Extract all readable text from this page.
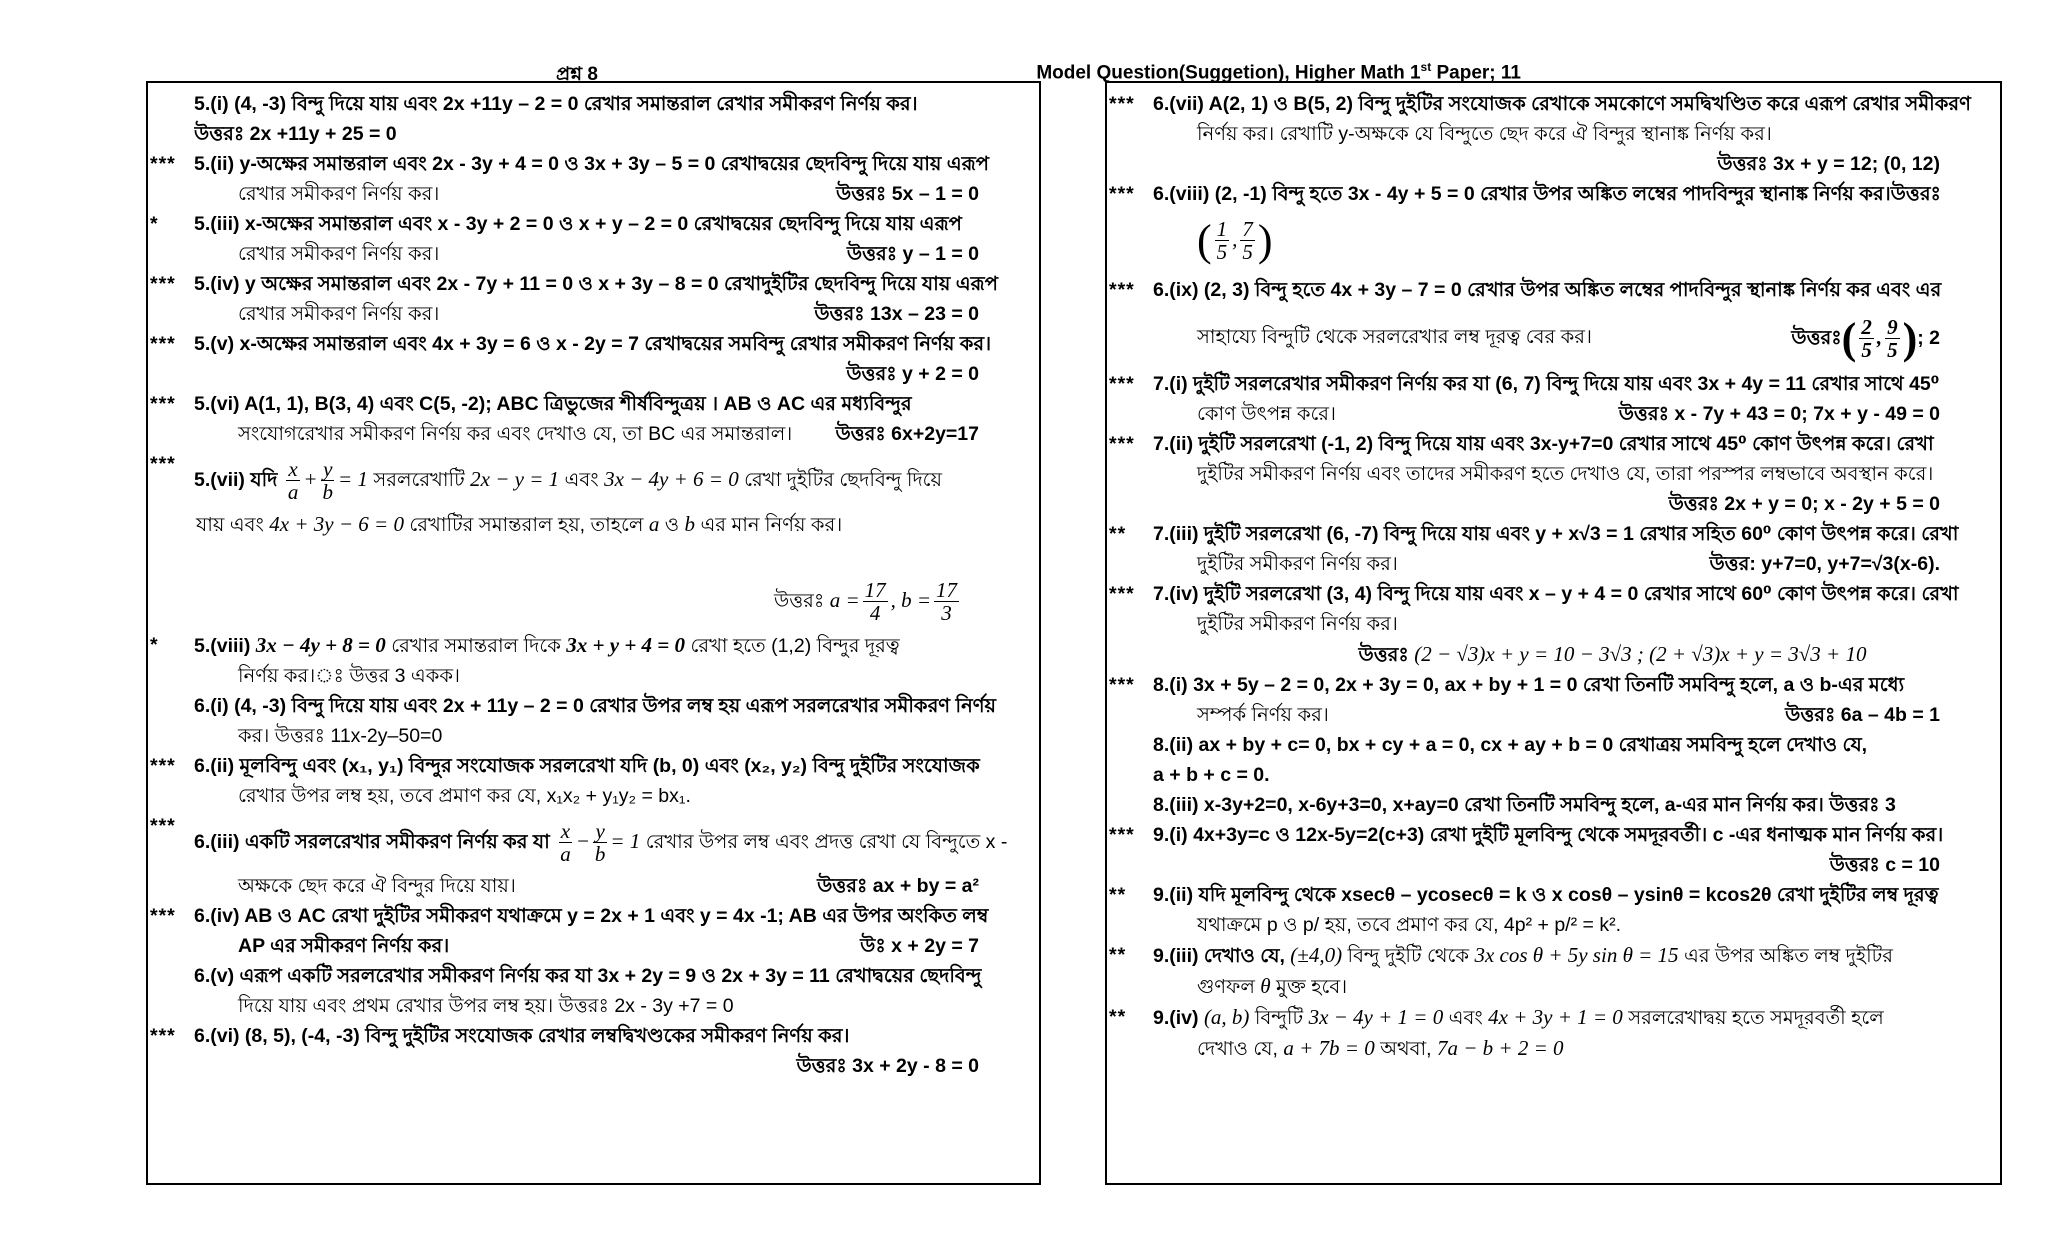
প্রশ্ন 8	Model Question(Suggetion), Higher Math 1st Paper; 11
5.(i) (4, -3) বিন্দু দিয়ে যায় এবং 2x +11y – 2 = 0 রেখার সমান্তরাল রেখার সমীকরণ নির্ণয় কর।
উত্তরঃ 2x +11y + 25 = 0
*** 5.(ii) y-অক্ষের সমান্তরাল এবং 2x - 3y + 4 = 0 ও 3x + 3y – 5 = 0 রেখাদ্বয়ের ছেদবিন্দু দিয়ে যায় এরূপ
রেখার সমীকরণ নির্ণয় কর।	উত্তরঃ 5x – 1 = 0
*	5.(iii) x-অক্ষের সমান্তরাল এবং x - 3y + 2 = 0 ও x + y – 2 = 0 রেখাদ্বয়ের ছেদবিন্দু দিয়ে যায় এরূপ
রেখার সমীকরণ নির্ণয় কর।	উত্তরঃ y – 1 = 0
*** 5.(iv) y অক্ষের সমান্তরাল এবং 2x - 7y + 11 = 0 ও x + 3y – 8 = 0 রেখাদুইটির ছেদবিন্দু দিয়ে যায় এরূপ
রেখার সমীকরণ নির্ণয় কর।	উত্তরঃ 13x – 23 = 0
*** 5.(v) x-অক্ষের সমান্তরাল এবং 4x + 3y = 6 ও x - 2y = 7 রেখাদ্বয়ের সমবিন্দু রেখার সমীকরণ নির্ণয় কর।
উত্তরঃ y + 2 = 0
*** 5.(vi) A(1, 1), B(3, 4) এবং C(5, -2); ABC ত্রিভুজের শীর্ষবিন্দুত্রয় । AB ও AC এর মধ্যবিন্দুর
সংযোগরেখার সমীকরণ নির্ণয় কর এবং দেখাও যে, তা BC এর সমান্তরাল। উত্তরঃ 6x+2y=17
***
5.(vii) যদি $\frac{x}{a} + \frac{y}{b} = 1$ সরলরেখাটি 2x − y = 1 এবং 3x − 4y + 6 = 0 রেখা দুইটির ছেদবিন্দু দিয়ে
যায় এবং 4x + 3y − 6 = 0 রেখাটির সমান্তরাল হয়, তাহলে a ও b এর মান নির্ণয় কর।
উত্তরঃ $a = \frac{17}{4}$ , $b = \frac{17}{3}$
*	5.(viii) 3x − 4y + 8 = 0 রেখার সমান্তরাল দিকে 3x + y + 4 = 0 রেখা হতে (1,2) বিন্দুর দূরত্ব
নির্ণয় কর।ঃ উত্তর 3 একক।
6.(i) (4, -3) বিন্দু দিয়ে যায় এবং 2x + 11y – 2 = 0 রেখার উপর লম্ব হয় এরূপ সরলরেখার সমীকরণ নির্ণয়
কর। উত্তরঃ 11x-2y–50=0
*** 6.(ii) মূলবিন্দু এবং (x₁, y₁) বিন্দুর সংযোজক সরলরেখা যদি (b, 0) এবং (x₂, y₂) বিন্দু দুইটির সংযোজক
রেখার উপর লম্ব হয়, তবে প্রমাণ কর যে, x₁x₂ + y₁y₂ = bx₁.
***
6.(iii) একটি সরলরেখার সমীকরণ নির্ণয় কর যা $\frac{x}{a} - \frac{y}{b} = 1$ রেখার উপর লম্ব এবং প্রদত্ত রেখা যে বিন্দুতে x -
অক্ষকে ছেদ করে ঐ বিন্দুর দিয়ে যায়।	উত্তরঃ ax + by = a²
*** 6.(iv) AB ও AC রেখা দুইটির সমীকরণ যথাক্রমে y = 2x + 1 এবং y = 4x -1; AB এর উপর অংকিত লম্ব
AP এর সমীকরণ নির্ণয় কর।	উঃ x + 2y = 7
6.(v) এরূপ একটি সরলরেখার সমীকরণ নির্ণয় কর যা 3x + 2y = 9 ও 2x + 3y = 11 রেখাদ্বয়ের ছেদবিন্দু
দিয়ে যায় এবং প্রথম রেখার উপর লম্ব হয়। উত্তরঃ 2x - 3y +7 = 0
*** 6.(vi) (8, 5), (-4, -3) বিন্দু দুইটির সংযোজক রেখার লম্বদ্বিখণ্ডকের সমীকরণ নির্ণয় কর।
উত্তরঃ 3x + 2y - 8 = 0
*** 6.(vii) A(2, 1) ও B(5, 2) বিন্দু দুইটির সংযোজক রেখাকে সমকোণে সমদ্বিখণ্ডিত করে এরূপ রেখার সমীকরণ
নির্ণয় কর। রেখাটি y-অক্ষকে যে বিন্দুতে ছেদ করে ঐ বিন্দুর স্থানাঙ্ক নির্ণয় কর।
উত্তরঃ 3x + y = 12; (0, 12)
*** 6.(viii) (2, -1) বিন্দু হতে 3x - 4y + 5 = 0 রেখার উপর অঙ্কিত লম্বের পাদবিন্দুর স্থানাঙ্ক নির্ণয় কর।উত্তরঃ
( $\frac{1}{5}$ , $\frac{7}{5}$ )
*** 6.(ix) (2, 3) বিন্দু হতে 4x + 3y – 7 = 0 রেখার উপর অঙ্কিত লম্বের পাদবিন্দুর স্থানাঙ্ক নির্ণয় কর এবং এর
সাহায্যে বিন্দুটি থেকে সরলরেখার লম্ব দূরত্ব বের কর।	উত্তরঃ( $\frac{2}{5}$ , $\frac{9}{5}$ ); 2
*** 7.(i) দুইটি সরলরেখার সমীকরণ নির্ণয় কর যা (6, 7) বিন্দু দিয়ে যায় এবং 3x + 4y = 11 রেখার সাথে 45⁰
কোণ উৎপন্ন করে।	উত্তরঃ x - 7y + 43 = 0; 7x + y - 49 = 0
*** 7.(ii) দুইটি সরলরেখা (-1, 2) বিন্দু দিয়ে যায় এবং 3x-y+7=0 রেখার সাথে 45⁰ কোণ উৎপন্ন করে। রেখা
দুইটির সমীকরণ নির্ণয় এবং তাদের সমীকরণ হতে দেখাও যে, তারা পরস্পর লম্বভাবে অবস্থান করে।
উত্তরঃ 2x + y = 0; x - 2y + 5 = 0
**	7.(iii) দুইটি সরলরেখা (6, -7) বিন্দু দিয়ে যায় এবং y + x√3 = 1 রেখার সহিত 60⁰ কোণ উৎপন্ন করে। রেখা
দুইটির সমীকরণ নির্ণয় কর।	উত্তর: y+7=0, y+7=√3(x-6).
*** 7.(iv) দুইটি সরলরেখা (3, 4) বিন্দু দিয়ে যায় এবং x – y + 4 = 0 রেখার সাথে 60⁰ কোণ উৎপন্ন করে। রেখা
দুইটির সমীকরণ নির্ণয় কর।
উত্তরঃ (2 − √3)x + y = 10 − 3√3 ; (2 + √3)x + y = 3√3 + 10
*** 8.(i) 3x + 5y – 2 = 0, 2x + 3y = 0, ax + by + 1 = 0 রেখা তিনটি সমবিন্দু হলে, a ও b-এর মধ্যে
সম্পর্ক নির্ণয় কর।	উত্তরঃ 6a – 4b = 1
8.(ii) ax + by + c= 0, bx + cy + a = 0, cx + ay + b = 0 রেখাত্রয় সমবিন্দু হলে দেখাও যে,
a + b + c = 0.
8.(iii) x-3y+2=0, x-6y+3=0, x+ay=0 রেখা তিনটি সমবিন্দু হলে, a-এর মান নির্ণয় কর। উত্তরঃ 3
*** 9.(i) 4x+3y=c ও 12x-5y=2(c+3) রেখা দুইটি মূলবিন্দু থেকে সমদূরবর্তী। c -এর ধনাত্মক মান নির্ণয় কর।
উত্তরঃ c = 10
**	9.(ii) যদি মূলবিন্দু থেকে xsecθ – ycosecθ = k ও x cosθ – ysinθ = kcos2θ রেখা দুইটির লম্ব দূরত্ব
যথাক্রমে p ও p/ হয়, তবে প্রমাণ কর যে, 4p² + p/² = k².
**	9.(iii) দেখাও যে, (±4,0) বিন্দু দুইটি থেকে 3x cos θ + 5y sin θ = 15 এর উপর অঙ্কিত লম্ব দুইটির
গুণফল θ মুক্ত হবে।
**	9.(iv) (a, b) বিন্দুটি 3x − 4y + 1 = 0 এবং 4x + 3y + 1 = 0 সরলরেখাদ্বয় হতে সমদূরবর্তী হলে
দেখাও যে, a + 7b = 0 অথবা, 7a − b + 2 = 0
